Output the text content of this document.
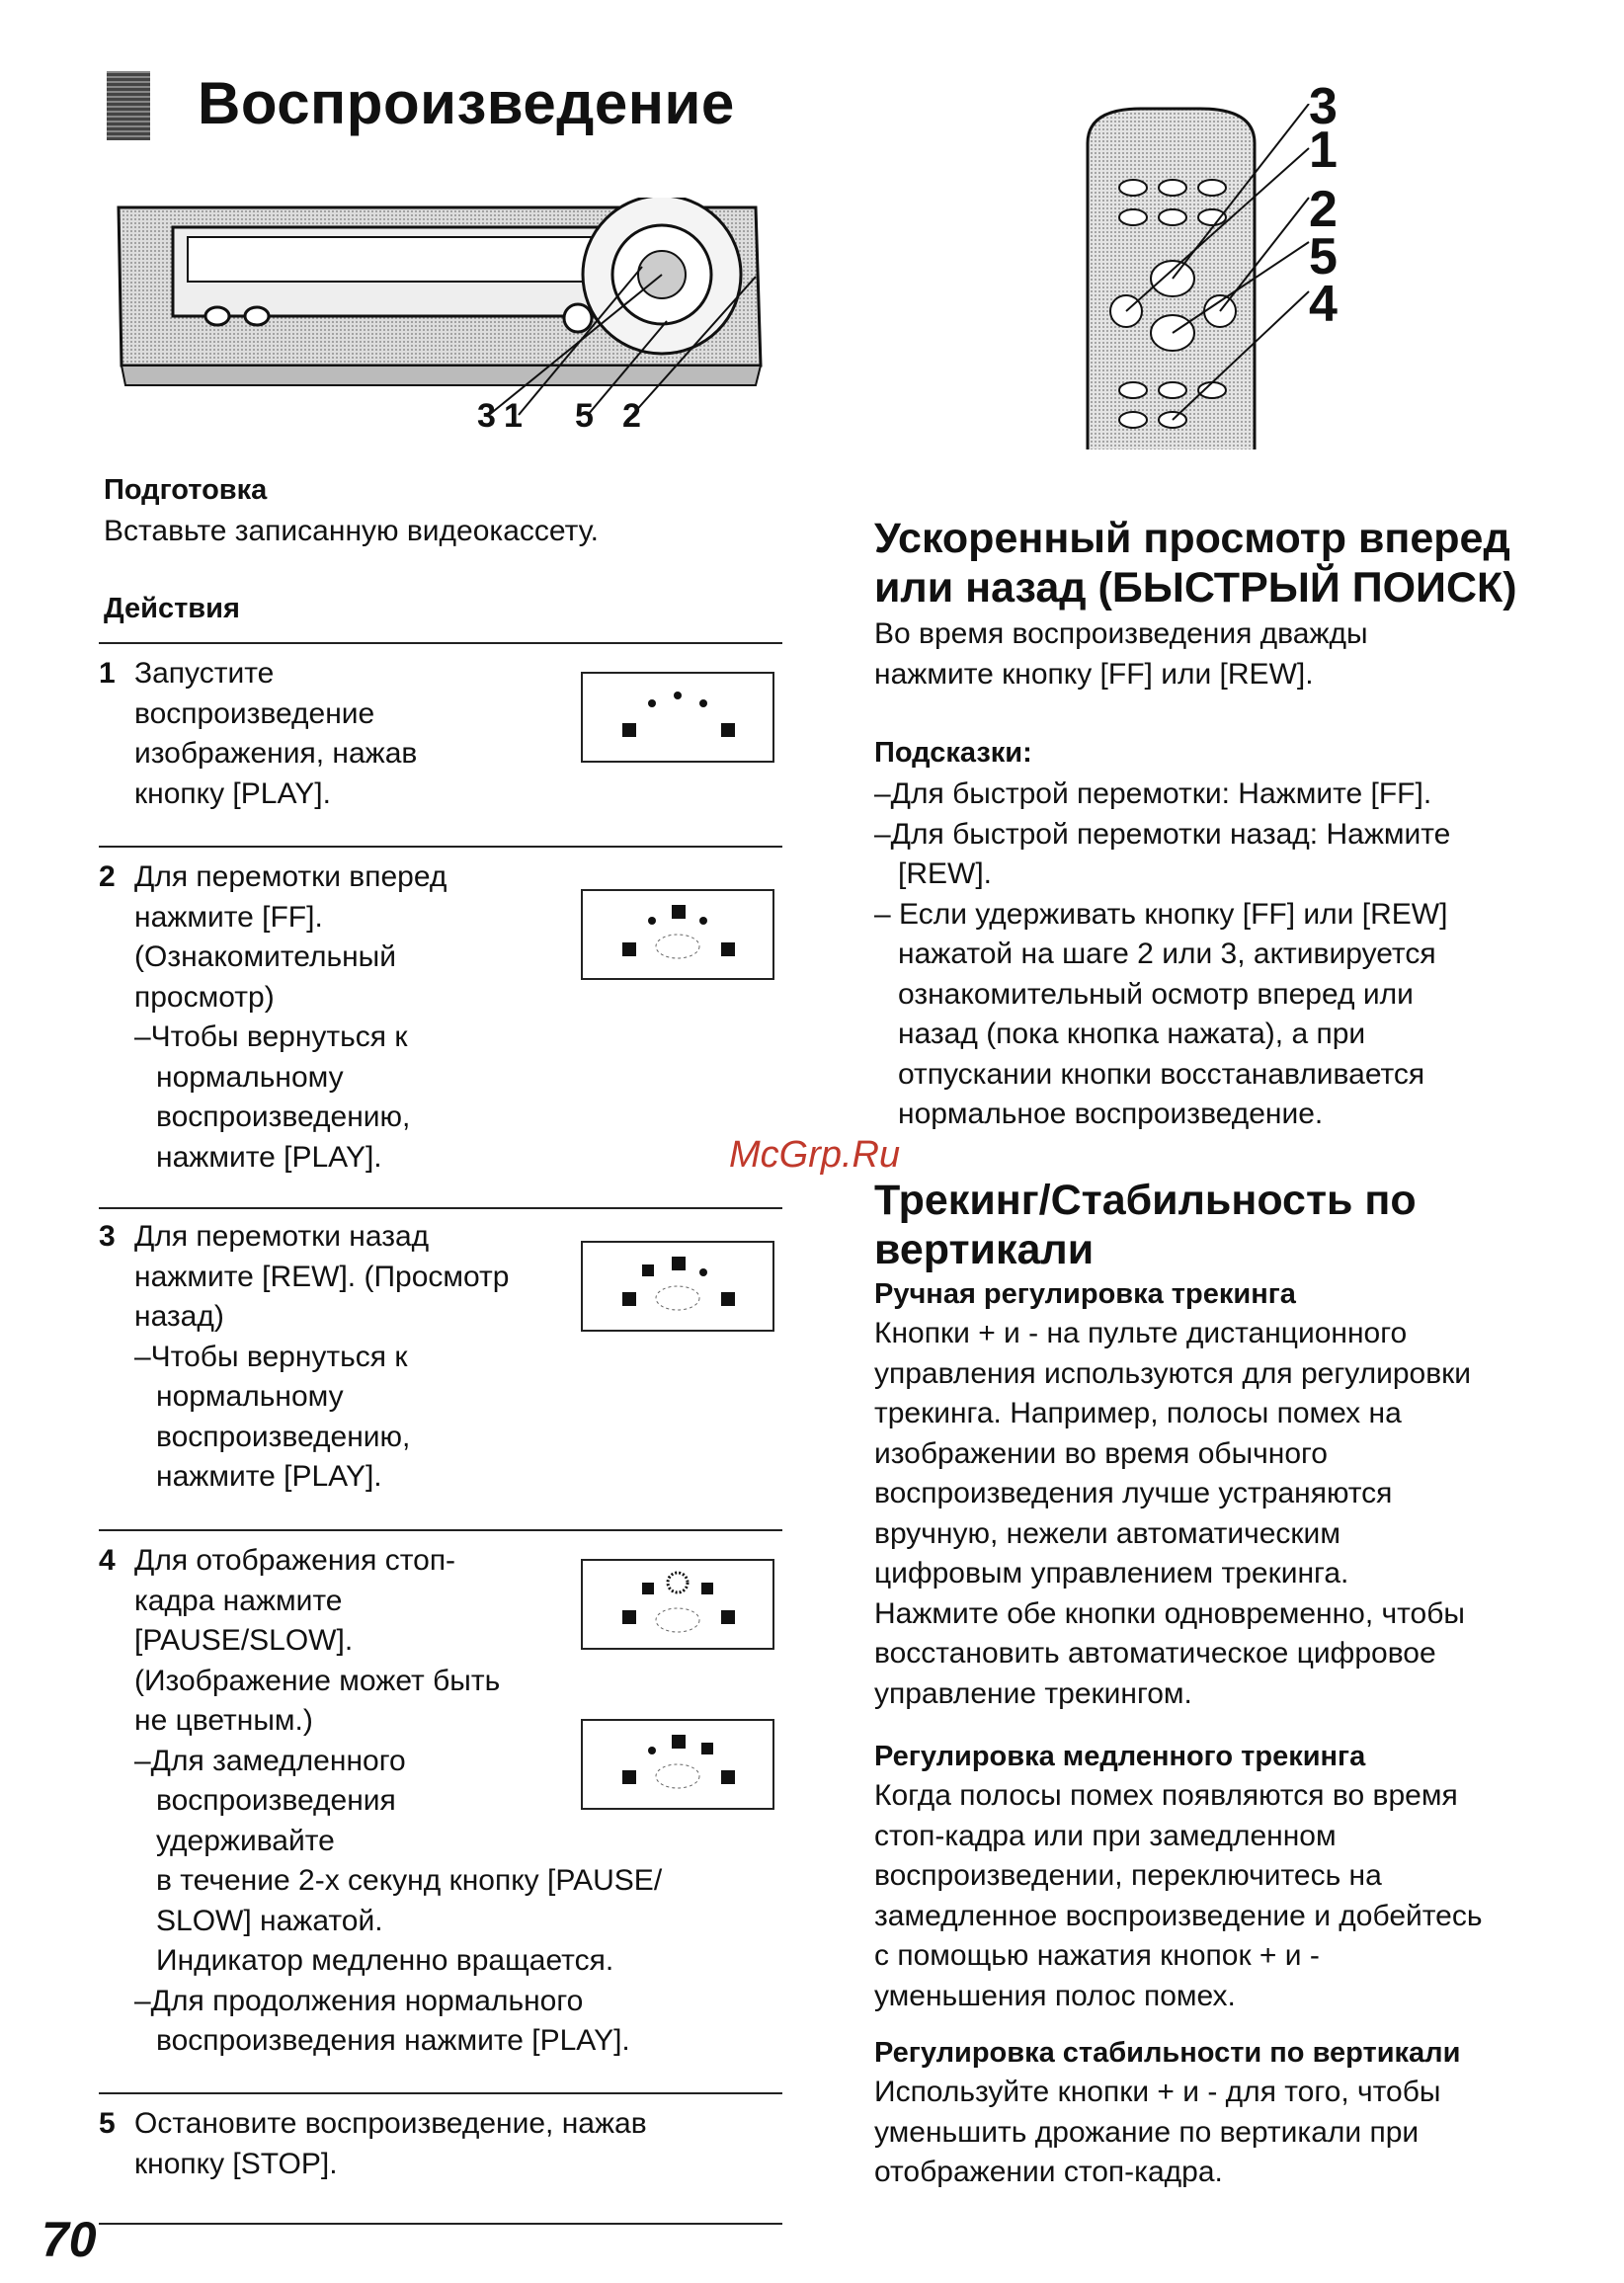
Воспроизведение
3 1 5 2
3
1
2
5
4
Подготовка
Вставьте записанную видеокассету.
Действия
1 Запустите
воспроизведение
изображения, нажав
кнопку [PLAY].
2 Для перемотки вперед
нажмите [FF].
(Ознакомительный
просмотр)
–Чтобы вернуться к
нормальному
воспроизведению,
нажмите [PLAY].
3 Для перемотки назад
нажмите [REW]. (Просмотр
назад)
–Чтобы вернуться к
нормальному
воспроизведению,
нажмите [PLAY].
4 Для отображения стоп-
кадра нажмите
[PAUSE/SLOW].
(Изображение может быть
не цветным.)
–Для замедленного
воспроизведения
удерживайте
в течение 2-х секунд кнопку [PAUSE/
SLOW] нажатой.
Индикатор медленно вращается.
–Для продолжения нормального
воспроизведения нажмите [PLAY].
5 Остановите воспроизведение, нажав
кнопку [STOP].
Ускоренный просмотр вперед
или назад (БЫСТРЫЙ ПОИСК)
Во время воспроизведения дважды
нажмите кнопку [FF] или [REW].
Подсказки:
–Для быстрой перемотки: Нажмите [FF].
–Для быстрой перемотки назад: Нажмите
[REW].
– Если удерживать кнопку [FF] или [REW]
нажатой на шаге 2 или 3, активируется
ознакомительный осмотр вперед или
назад (пока кнопка нажата), а при
отпускании кнопки восстанавливается
нормальное воспроизведение.
McGrp.Ru
Трекинг/Стабильность по
вертикали
Ручная регулировка трекинга
Кнопки + и - на пульте дистанционного
управления используются для регулировки
трекинга. Например, полосы помех на
изображении во время обычного
воспроизведения лучше устраняются
вручную, нежели автоматическим
цифровым управлением трекинга.
Нажмите обе кнопки одновременно, чтобы
восстановить автоматическое цифровое
управление трекингом.
Регулировка медленного трекинга
Когда полосы помех появляются во время
стоп-кадра или при замедленном
воспроизведении, переключитесь на
замедленное воспроизведение и добейтесь
с помощью нажатия кнопок + и -
уменьшения полос помех.
Регулировка стабильности по вертикали
Используйте кнопки + и - для того, чтобы
уменьшить дрожание по вертикали при
отображении стоп-кадра.
70
